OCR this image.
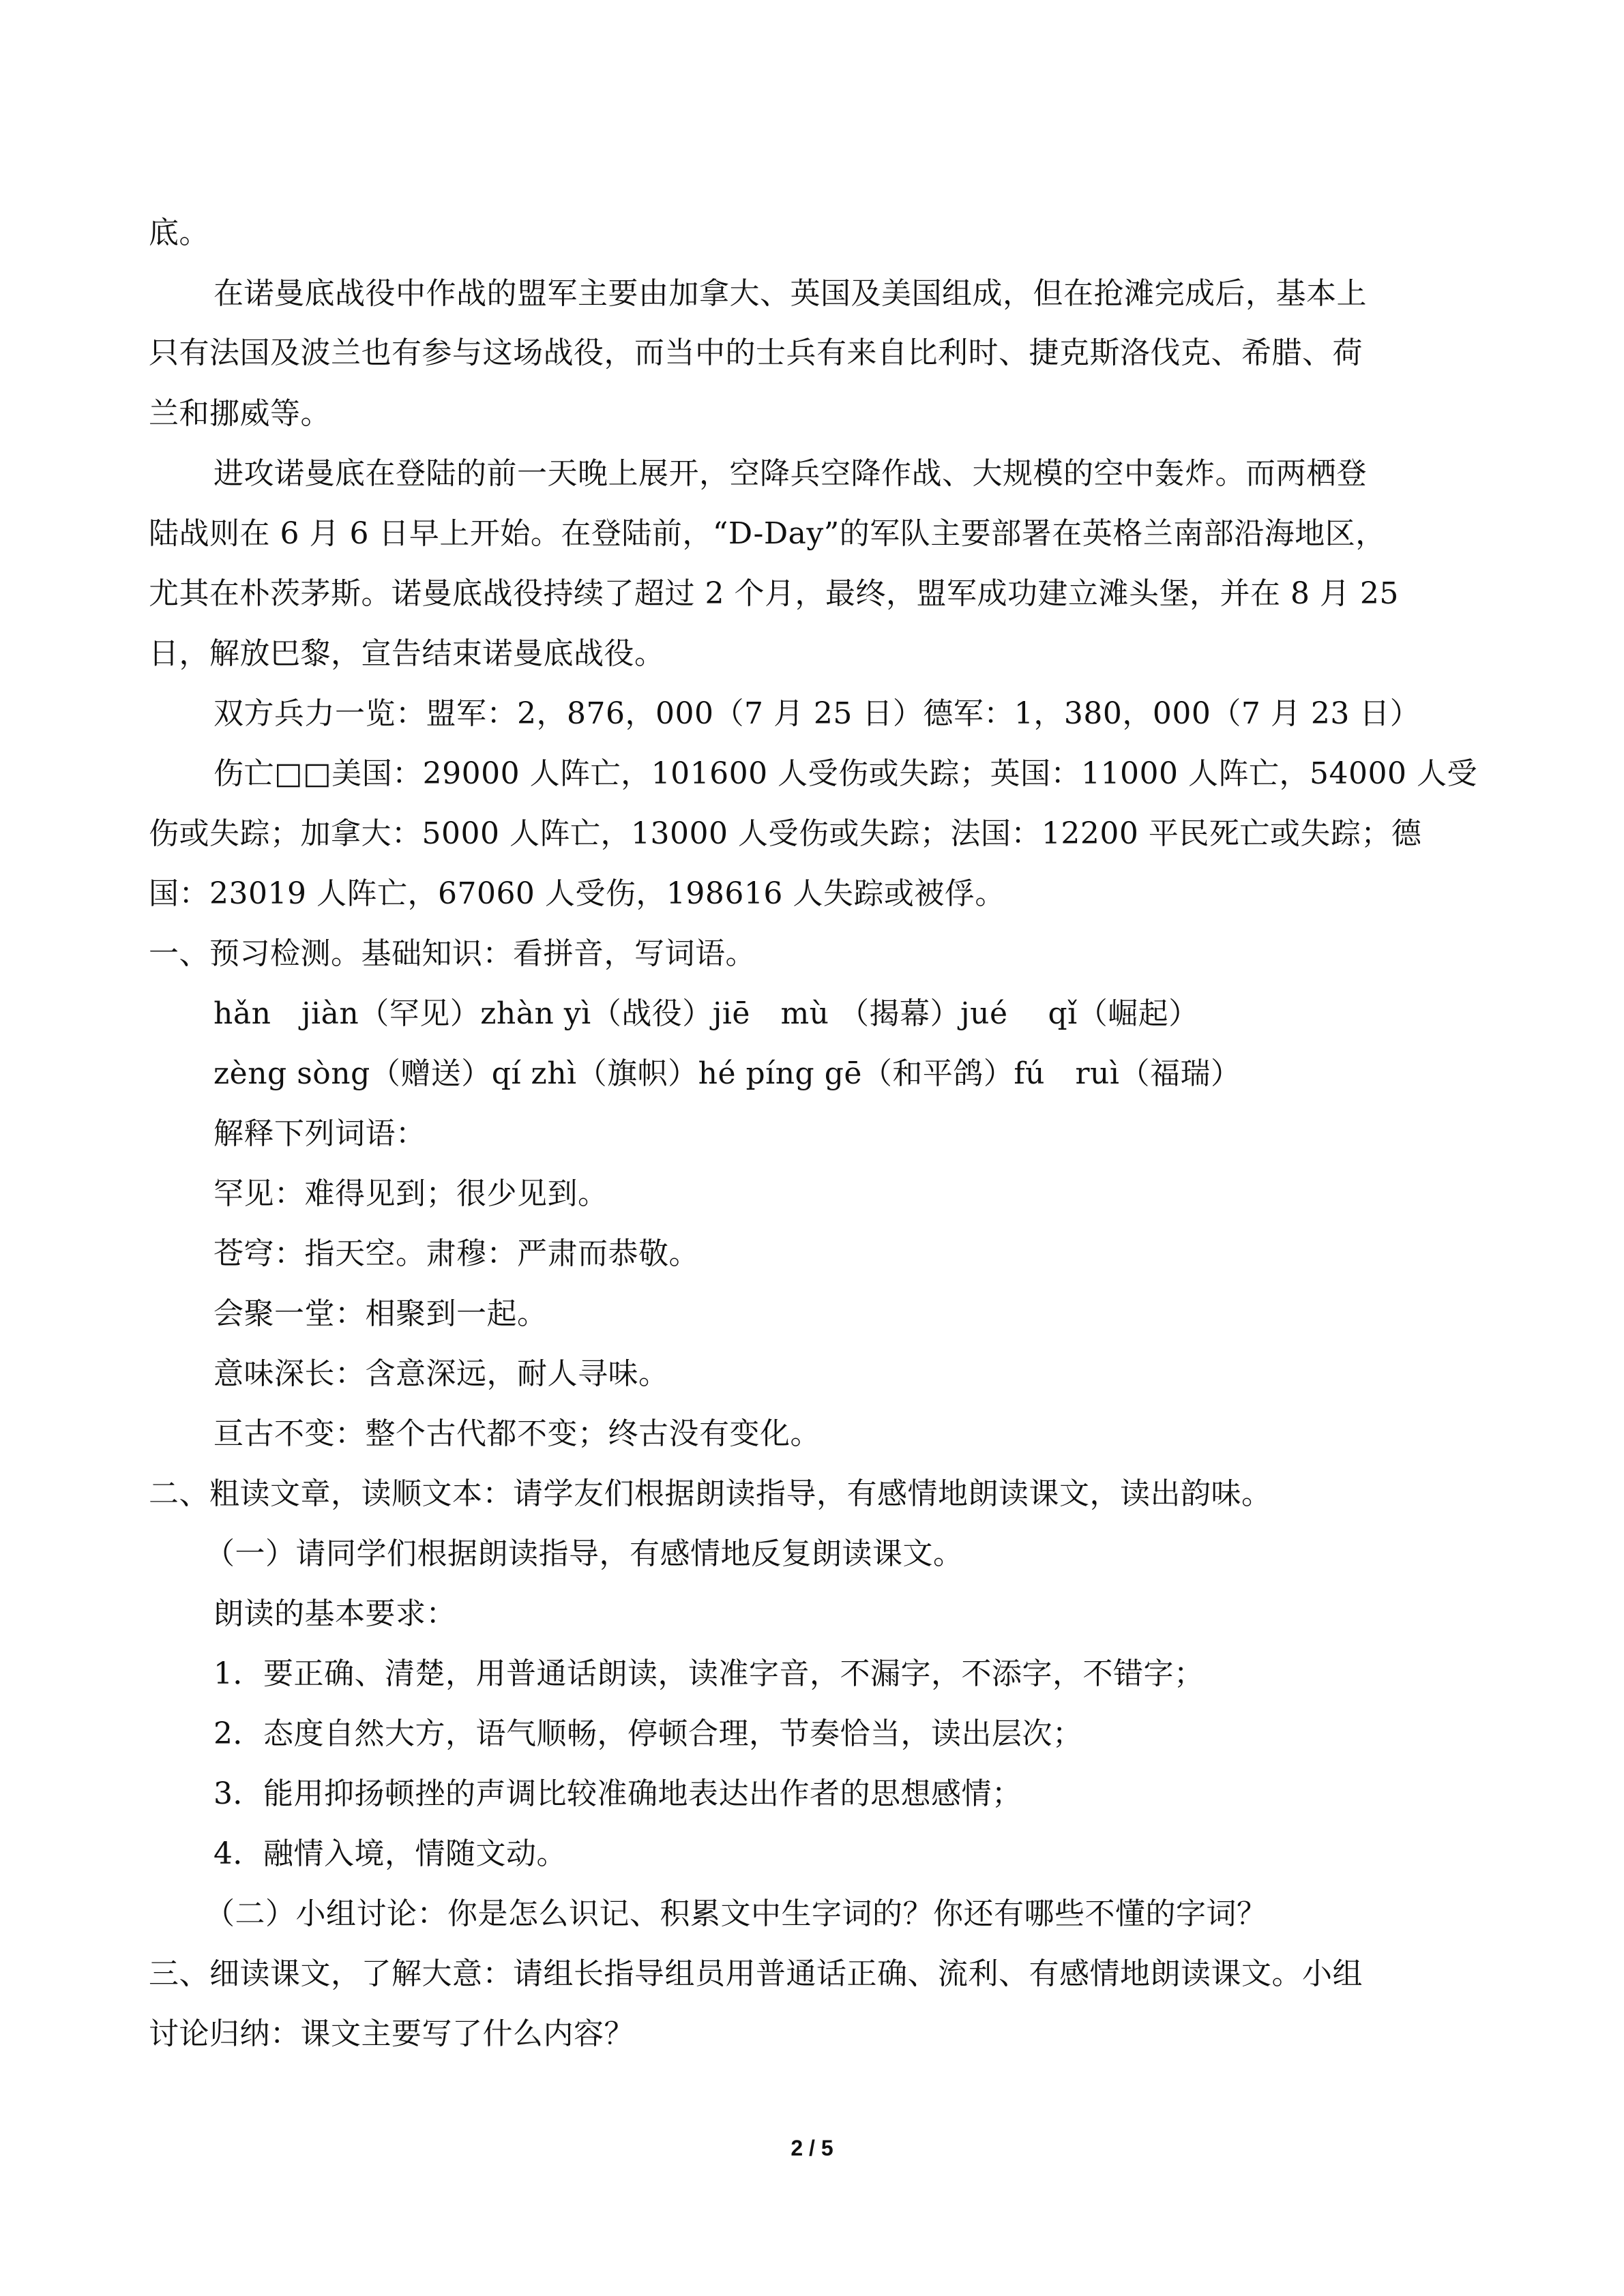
底。
在诺曼底战役中作战的盟军主要由加拿大、英国及美国组成，但在抢滩完成后，基本上
只有法国及波兰也有参与这场战役，而当中的士兵有来自比利时、捷克斯洛伐克、希腊、荷
兰和挪威等。
进攻诺曼底在登陆的前一天晚上展开，空降兵空降作战、大规模的空中轰炸。而两栖登
陆战则在 6 月 6 日早上开始。在登陆前，“D-Day”的军队主要部署在英格兰南部沿海地区，
尤其在朴茨茅斯。诺曼底战役持续了超过 2 个月，最终，盟军成功建立滩头堡，并在 8 月 25
日，解放巴黎，宣告结束诺曼底战役。
双方兵力一览：盟军：2，876，000（7 月 25 日）德军：1，380，000（7 月 23 日）
伤亡□□美国：29000 人阵亡，101600 人受伤或失踪；英国：11000 人阵亡，54000 人受
伤或失踪；加拿大：5000 人阵亡，13000 人受伤或失踪；法国：12200 平民死亡或失踪；德
国：23019 人阵亡，67060 人受伤，198616 人失踪或被俘。
一、预习检测。基础知识：看拼音，写词语。
hǎn　jiàn（罕见）zhàn yì（战役）jiē　mù （揭幕）jué　 qǐ（崛起）
zèng sòng（赠送）qí zhì（旗帜）hé píng gē（和平鸽）fú　ruì（福瑞）
解释下列词语：
罕见：难得见到；很少见到。
苍穹：指天空。肃穆：严肃而恭敬。
会聚一堂：相聚到一起。
意味深长：含意深远，耐人寻味。
亘古不变：整个古代都不变；终古没有变化。
二、粗读文章，读顺文本：请学友们根据朗读指导，有感情地朗读课文，读出韵味。
（一）请同学们根据朗读指导，有感情地反复朗读课文。
朗读的基本要求：
1．要正确、清楚，用普通话朗读，读准字音，不漏字，不添字，不错字；
2．态度自然大方，语气顺畅，停顿合理，节奏恰当，读出层次；
3．能用抑扬顿挫的声调比较准确地表达出作者的思想感情；
4．融情入境，情随文动。
（二）小组讨论：你是怎么识记、积累文中生字词的？你还有哪些不懂的字词？
三、细读课文，了解大意：请组长指导组员用普通话正确、流利、有感情地朗读课文。小组
讨论归纳：课文主要写了什么内容？
2 / 5
